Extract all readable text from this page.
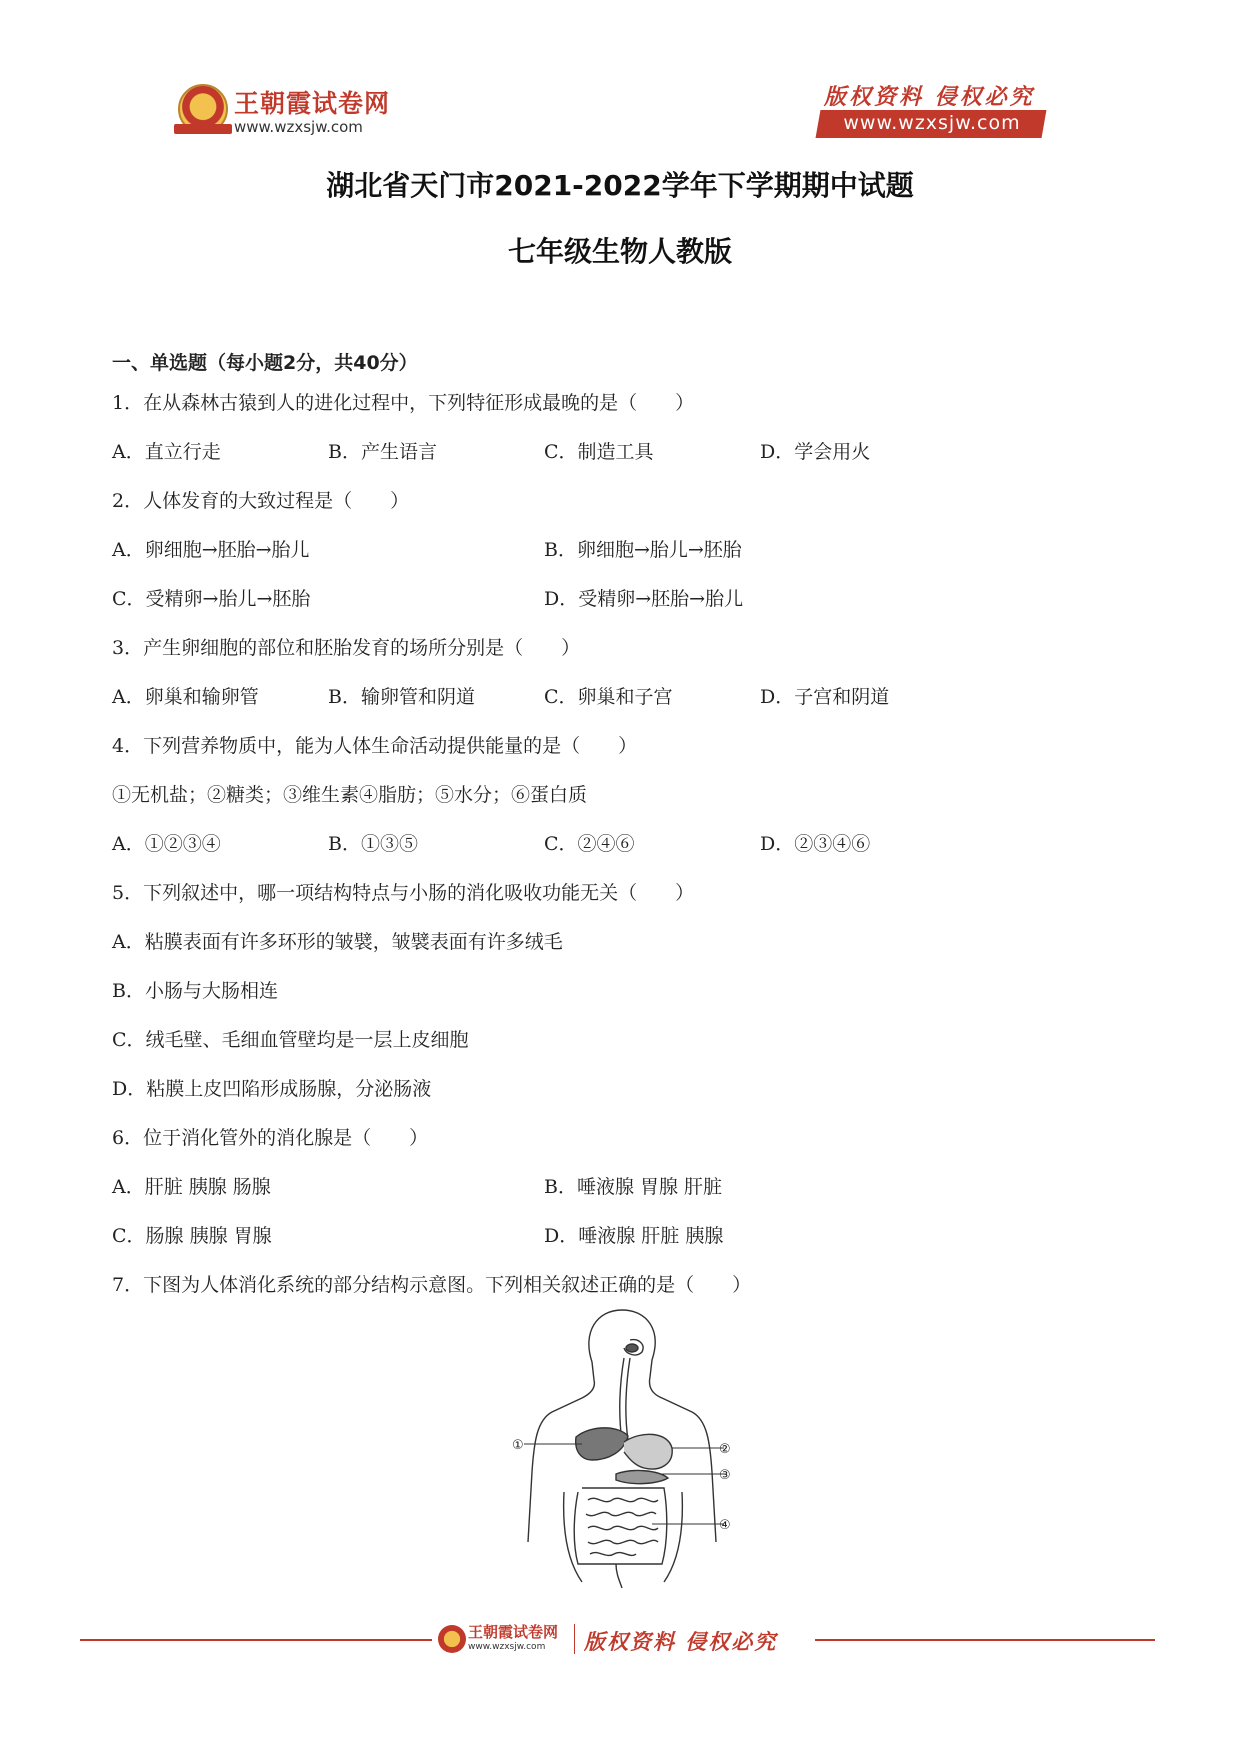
王朝霞试卷网
www.wzxsjw.com
版权资料 侵权必究
www.wzxsjw.com
湖北省天门市2021-2022学年下学期期中试题
七年级生物人教版
一、单选题（每小题2分，共40分）
1．在从森林古猿到人的进化过程中，下列特征形成最晚的是（　　）
A．直立行走	B．产生语言	C．制造工具	D．学会用火
2．人体发育的大致过程是（　　）
A．卵细胞→胚胎→胎儿	B．卵细胞→胎儿→胚胎
C．受精卵→胎儿→胚胎	D．受精卵→胚胎→胎儿
3．产生卵细胞的部位和胚胎发育的场所分别是（　　）
A．卵巢和输卵管	B．输卵管和阴道	C．卵巢和子宫	D．子宫和阴道
4．下列营养物质中，能为人体生命活动提供能量的是（　　）
①无机盐；②糖类；③维生素④脂肪；⑤水分；⑥蛋白质
A．①②③④	B．①③⑤	C．②④⑥	D．②③④⑥
5．下列叙述中，哪一项结构特点与小肠的消化吸收功能无关（　　）
A．粘膜表面有许多环形的皱襞，皱襞表面有许多绒毛
B．小肠与大肠相连
C．绒毛壁、毛细血管壁均是一层上皮细胞
D．粘膜上皮凹陷形成肠腺，分泌肠液
6．位于消化管外的消化腺是（　　）
A．肝脏 胰腺 肠腺	B．唾液腺 胃腺 肝脏
C．肠腺 胰腺 胃腺	D．唾液腺 肝脏 胰腺
7．下图为人体消化系统的部分结构示意图。下列相关叙述正确的是（　　）
①	②
③
④
王朝霞试卷网
www.wzxsjw.com 版权资料 侵权必究
